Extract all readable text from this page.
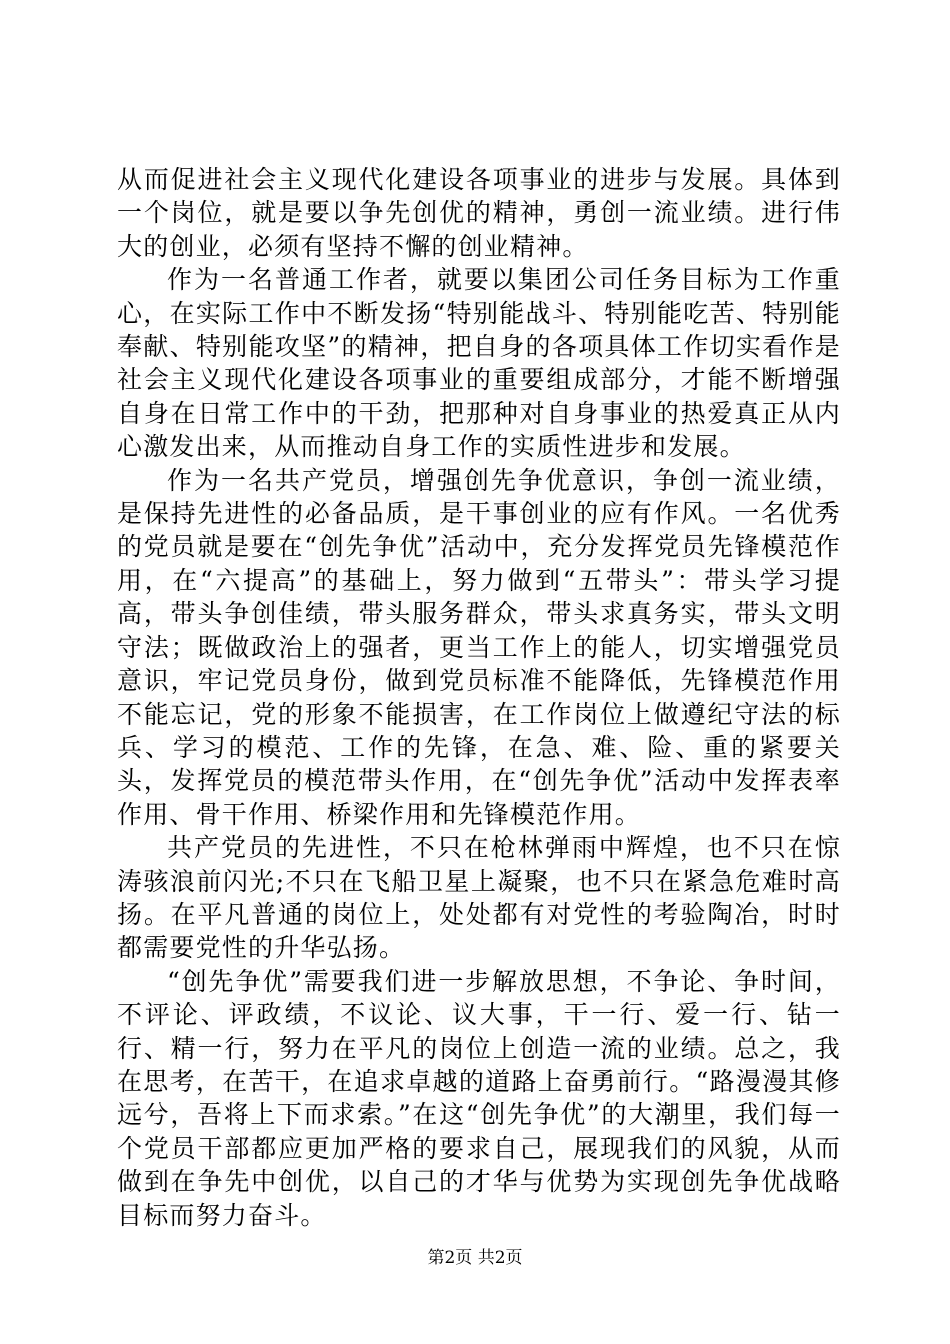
从而促进社会主义现代化建设各项事业的进步与发展。具体到一个岗位，就是要以争先创优的精神，勇创一流业绩。进行伟大的创业，必须有坚持不懈的创业精神。

作为一名普通工作者，就要以集团公司任务目标为工作重心，在实际工作中不断发扬“特别能战斗、特别能吃苦、特别能奉献、特别能攻坚”的精神，把自身的各项具体工作切实看作是社会主义现代化建设各项事业的重要组成部分，才能不断增强自身在日常工作中的干劲，把那种对自身事业的热爱真正从内心激发出来，从而推动自身工作的实质性进步和发展。

作为一名共产党员，增强创先争优意识，争创一流业绩，是保持先进性的必备品质，是干事创业的应有作风。一名优秀的党员就是要在“创先争优”活动中，充分发挥党员先锋模范作用，在“六提高”的基础上，努力做到“五带头”：带头学习提高，带头争创佳绩，带头服务群众，带头求真务实，带头文明守法；既做政治上的强者，更当工作上的能人，切实增强党员意识，牢记党员身份，做到党员标准不能降低，先锋模范作用不能忘记，党的形象不能损害，在工作岗位上做遵纪守法的标兵、学习的模范、工作的先锋，在急、难、险、重的紧要关头，发挥党员的模范带头作用，在“创先争优”活动中发挥表率作用、骨干作用、桥梁作用和先锋模范作用。

共产党员的先进性，不只在枪林弹雨中辉煌，也不只在惊涛骇浪前闪光;不只在飞船卫星上凝聚，也不只在紧急危难时高扬。在平凡普通的岗位上，处处都有对党性的考验陶冶，时时都需要党性的升华弘扬。

“创先争优”需要我们进一步解放思想，不争论、争时间，不评论、评政绩，不议论、议大事，干一行、爱一行、钻一行、精一行，努力在平凡的岗位上创造一流的业绩。总之，我在思考，在苦干，在追求卓越的道路上奋勇前行。“路漫漫其修远兮，吾将上下而求索。”在这“创先争优”的大潮里，我们每一个党员干部都应更加严格的要求自己，展现我们的风貌，从而做到在争先中创优，以自己的才华与优势为实现创先争优战略目标而努力奋斗。

第2页 共2页
